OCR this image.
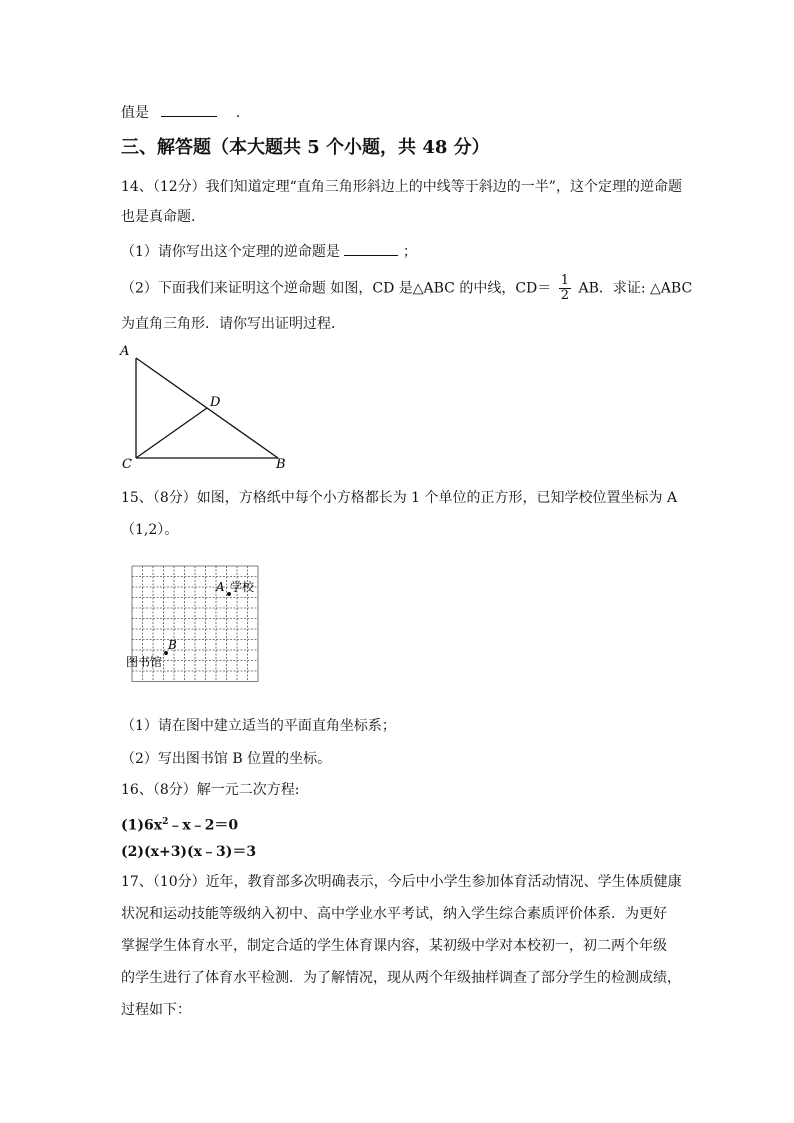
值是	．
三、解答题（本大题共 5 个小题，共 48 分）
14、（12分）我们知道定理“直角三角形斜边上的中线等于斜边的一半”，这个定理的逆命题
也是真命题．
（1）请你写出这个定理的逆命题是	；
（2）下面我们来证明这个逆命题 如图，CD 是△ABC 的中线，$CD= \frac{1}{2}$ AB．求证: △ABC
为直角三角形．请你写出证明过程．
A
D
C	B
15、（8分）如图，方格纸中每个小方格都长为 1 个单位的正方形，已知学校位置坐标为 A
（1,2）。
A 学校
B
图书馆
（1）请在图中建立适当的平面直角坐标系；
（2）写出图书馆 B 位置的坐标。
16、（8分）解一元二次方程:
$(1)6x^2﹣x﹣2=0$
(2)(x+3)(x﹣3)＝3
17、（10分）近年，教育部多次明确表示，今后中小学生参加体育活动情况、学生体质健康
状况和运动技能等级纳入初中、高中学业水平考试，纳入学生综合素质评价体系．为更好
掌握学生体育水平，制定合适的学生体育课内容，某初级中学对本校初一，初二两个年级
的学生进行了体育水平检测．为了解情况，现从两个年级抽样调查了部分学生的检测成绩，
过程如下：
